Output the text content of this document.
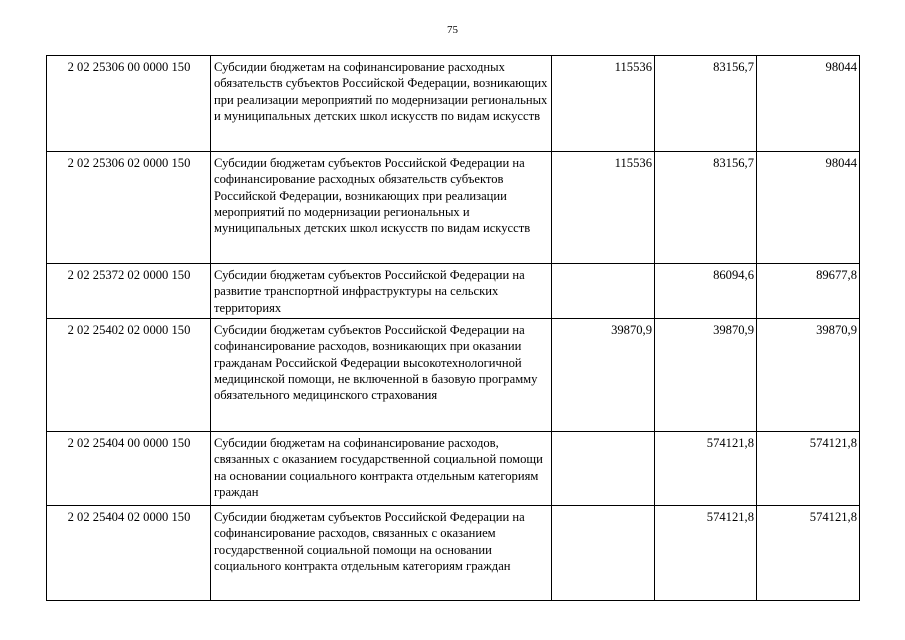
75
2 02 25306 00 0000 150	Субсидии бюджетам на софинансирование расходных обязательств субъектов Российской Федерации, возникающих при реализации мероприятий по модернизации региональных и муниципальных детских школ искусств по видам искусств	115536	83156,7	98044
2 02 25306 02 0000 150	Субсидии бюджетам субъектов Российской Федерации на софинансирование расходных обязательств субъектов Российской Федерации, возникающих при реализации мероприятий по модернизации региональных и муниципальных детских школ искусств по видам искусств	115536	83156,7	98044
2 02 25372 02 0000 150	Субсидии бюджетам субъектов Российской Федерации на развитие транспортной инфраструктуры на сельских территориях		86094,6	89677,8
2 02 25402 02 0000 150	Субсидии бюджетам субъектов Российской Федерации на софинансирование расходов, возникающих при оказании гражданам Российской Федерации высокотехнологичной медицинской помощи, не включенной в базовую программу обязательного медицинского страхования	39870,9	39870,9	39870,9
2 02 25404 00 0000 150	Субсидии бюджетам на софинансирование расходов, связанных с оказанием государственной социальной помощи на основании социального контракта отдельным категориям граждан		574121,8	574121,8
2 02 25404 02 0000 150	Субсидии бюджетам субъектов Российской Федерации на софинансирование расходов, связанных с оказанием государственной социальной помощи на основании социального контракта отдельным категориям граждан		574121,8	574121,8
